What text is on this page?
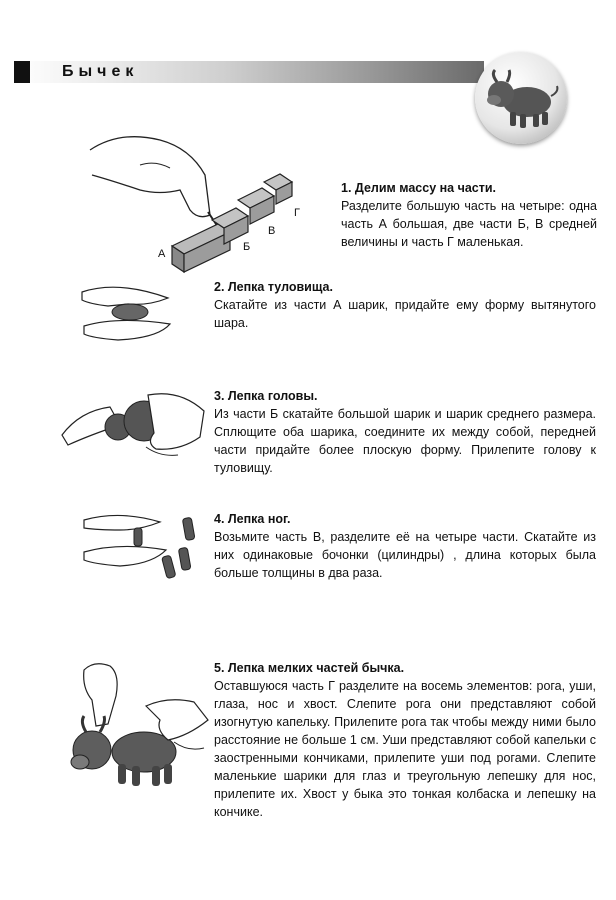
Бычек
А
Б
В
Г
1. Делим массу на части.
Разделите большую часть на четыре: одна часть А большая, две части Б, В средней величины и часть Г маленькая.
2. Лепка туловища.
Скатайте из части А шарик, придайте ему форму вытянутого шара.
3. Лепка головы.
Из части Б скатайте большой шарик и шарик среднего размера. Сплющите оба шарика, соедините их между собой, передней части придайте более плоскую форму. Прилепите голову к туловищу.
4. Лепка ног.
Возьмите часть В, разделите её на четыре части. Скатайте из них одинаковые бочонки (цилиндры) , длина которых была больше толщины в два раза.
5. Лепка мелких частей бычка.
Оставшуюся часть Г разделите на восемь элементов: рога, уши, глаза, нос и хвост. Слепите рога они представляют собой изогнутую капельку. Прилепите рога так чтобы между ними было расстояние не больше 1 см. Уши представляют собой капельки с заостренными кончиками, прилепите уши под рогами. Слепите маленькие шарики для глаз и треугольную лепешку для нос, прилепите их. Хвост у быка это тонкая колбаска и лепешку на кончике.
